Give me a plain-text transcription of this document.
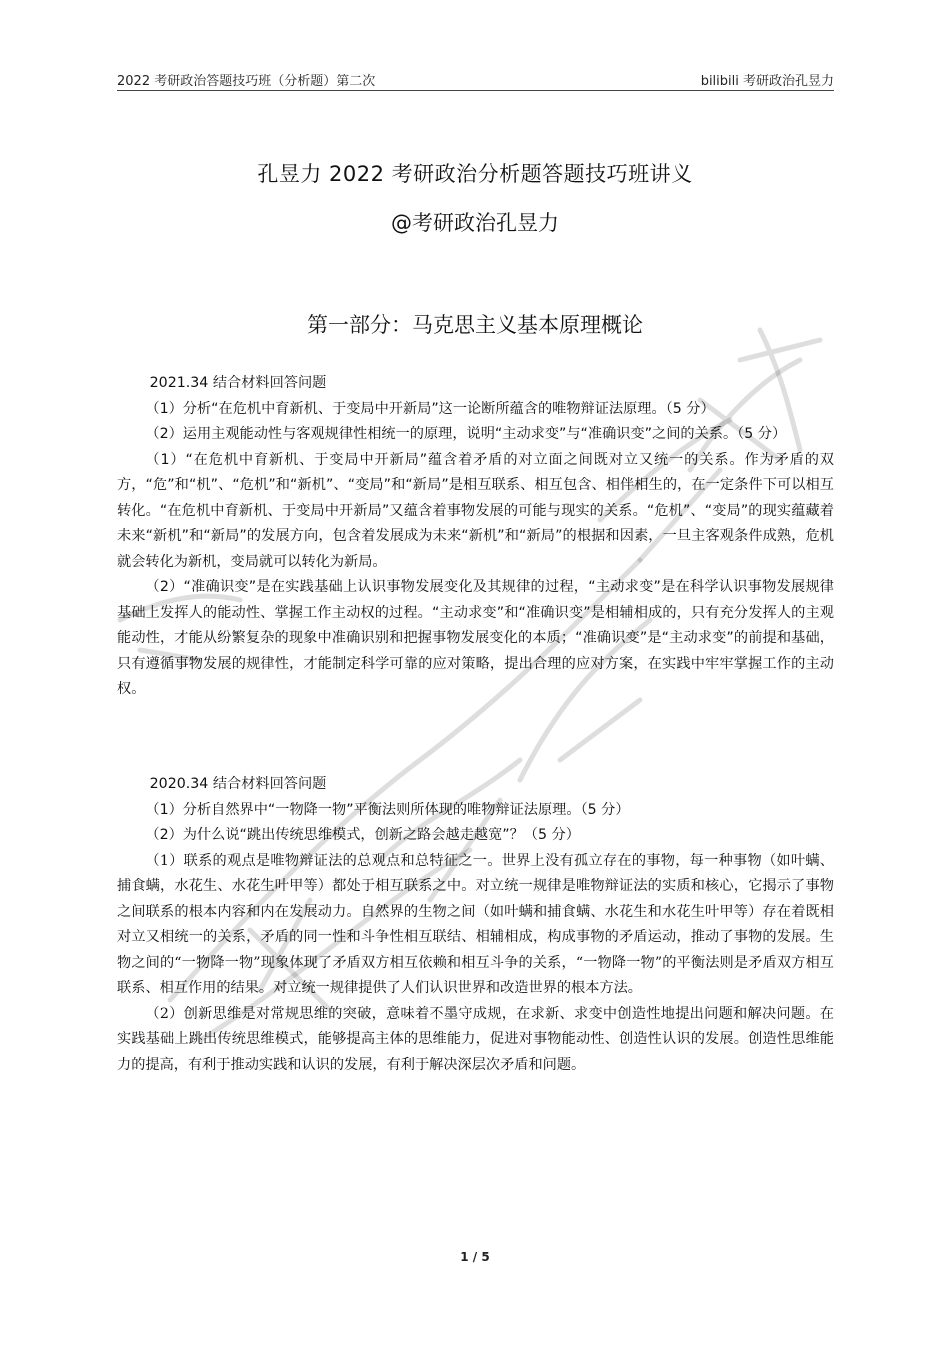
2022 考研政治答题技巧班（分析题）第二次	bilibili 考研政治孔昱力
孔昱力 2022 考研政治分析题答题技巧班讲义
@考研政治孔昱力
第一部分：马克思主义基本原理概论

2021.34 结合材料回答问题

（1）分析“在危机中育新机、于变局中开新局”这一论断所蕴含的唯物辩证法原理。（5 分）

（2）运用主观能动性与客观规律性相统一的原理，说明“主动求变”与“准确识变”之间的关系。（5 分）

（1）“在危机中育新机、于变局中开新局”蕴含着矛盾的对立面之间既对立又统一的关系。作为矛盾的双方，“危”和“机”、“危机”和“新机”、“变局”和“新局”是相互联系、相互包含、相伴相生的，在一定条件下可以相互转化。“在危机中育新机、于变局中开新局”又蕴含着事物发展的可能与现实的关系。“危机”、“变局”的现实蕴藏着未来“新机”和“新局”的发展方向，包含着发展成为未来“新机”和“新局”的根据和因素，一旦主客观条件成熟，危机就会转化为新机，变局就可以转化为新局。

（2）“准确识变”是在实践基础上认识事物发展变化及其规律的过程，“主动求变”是在科学认识事物发展规律基础上发挥人的能动性、掌握工作主动权的过程。“主动求变”和“准确识变”是相辅相成的，只有充分发挥人的主观能动性，才能从纷繁复杂的现象中准确识别和把握事物发展变化的本质；“准确识变”是“主动求变”的前提和基础，只有遵循事物发展的规律性，才能制定科学可靠的应对策略，提出合理的应对方案，在实践中牢牢掌握工作的主动权。

2020.34 结合材料回答问题

（1）分析自然界中“一物降一物”平衡法则所体现的唯物辩证法原理。（5 分）

（2）为什么说“跳出传统思维模式，创新之路会越走越宽”？（5 分）

（1）联系的观点是唯物辩证法的总观点和总特征之一。世界上没有孤立存在的事物，每一种事物（如叶螨、捕食螨，水花生、水花生叶甲等）都处于相互联系之中。对立统一规律是唯物辩证法的实质和核心，它揭示了事物之间联系的根本内容和内在发展动力。自然界的生物之间（如叶螨和捕食螨、水花生和水花生叶甲等）存在着既相对立又相统一的关系，矛盾的同一性和斗争性相互联结、相辅相成，构成事物的矛盾运动，推动了事物的发展。生物之间的“一物降一物”现象体现了矛盾双方相互依赖和相互斗争的关系，“一物降一物”的平衡法则是矛盾双方相互联系、相互作用的结果。对立统一规律提供了人们认识世界和改造世界的根本方法。

（2）创新思维是对常规思维的突破，意味着不墨守成规，在求新、求变中创造性地提出问题和解决问题。在实践基础上跳出传统思维模式，能够提高主体的思维能力，促进对事物能动性、创造性认识的发展。创造性思维能力的提高，有利于推动实践和认识的发展，有利于解决深层次矛盾和问题。

1 / 5
